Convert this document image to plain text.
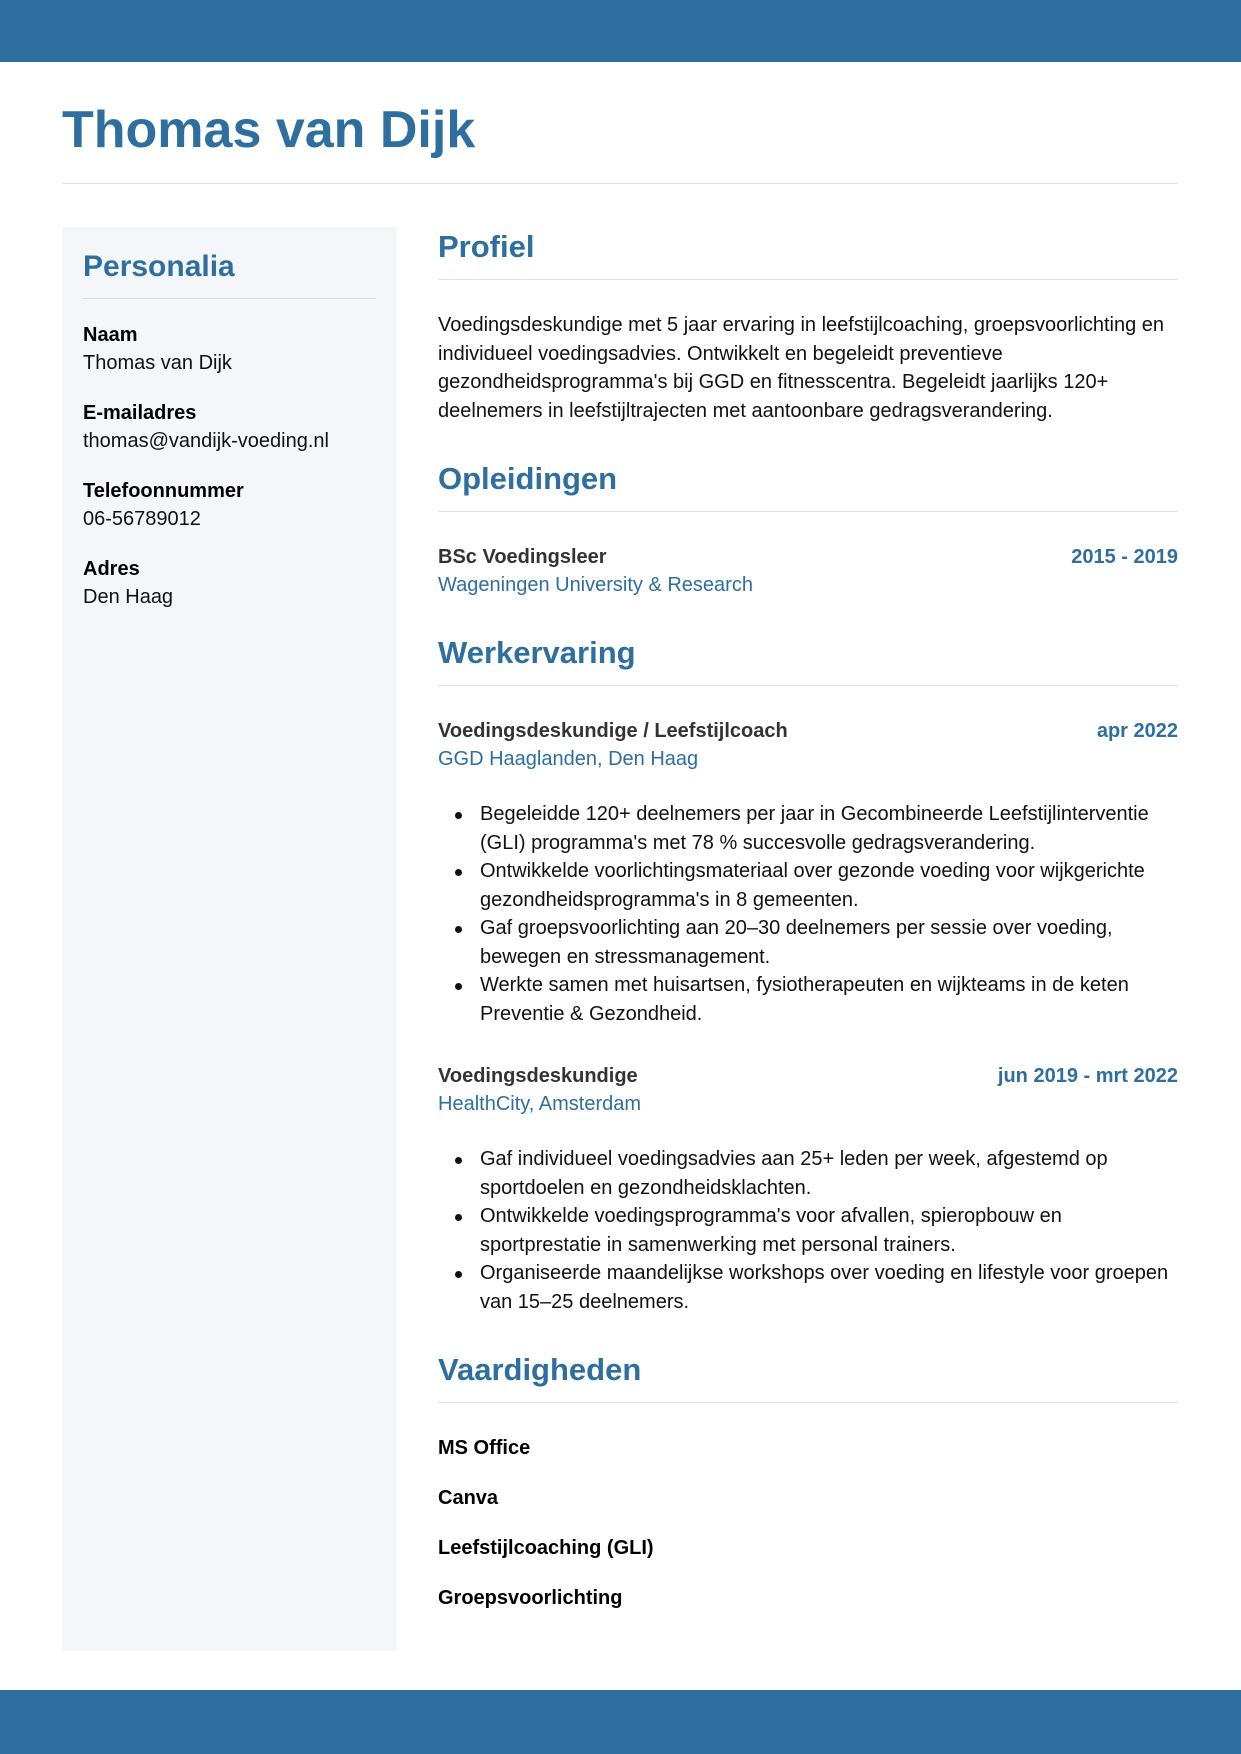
Thomas van Dijk
Personalia
Naam
Thomas van Dijk
E-mailadres
thomas@vandijk-voeding.nl
Telefoonnummer
06-56789012
Adres
Den Haag
Profiel

Voedingsdeskundige met 5 jaar ervaring in leefstijlcoaching, groepsvoorlichting en individueel voedingsadvies. Ontwikkelt en begeleidt preventieve gezondheidsprogramma's bij GGD en fitnesscentra. Begeleidt jaarlijks 120+ deelnemers in leefstijltrajecten met aantoonbare gedragsverandering.

Opleidingen
BSc Voedingsleer	2015 - 2019
Wageningen University & Research
Werkervaring
Voedingsdeskundige / Leefstijlcoach	apr 2022
GGD Haaglanden, Den Haag
Begeleidde 120+ deelnemers per jaar in Gecombineerde Leefstijlinterventie (GLI) programma's met 78 % succesvolle gedragsverandering.
Ontwikkelde voorlichtingsmateriaal over gezonde voeding voor wijkgerichte gezondheidsprogramma's in 8 gemeenten.
Gaf groepsvoorlichting aan 20–30 deelnemers per sessie over voeding, bewegen en stressmanagement.
Werkte samen met huisartsen, fysiotherapeuten en wijkteams in de keten Preventie & Gezondheid.
Voedingsdeskundige	jun 2019 - mrt 2022
HealthCity, Amsterdam
Gaf individueel voedingsadvies aan 25+ leden per week, afgestemd op sportdoelen en gezondheidsklachten.
Ontwikkelde voedingsprogramma's voor afvallen, spieropbouw en sportprestatie in samenwerking met personal trainers.
Organiseerde maandelijkse workshops over voeding en lifestyle voor groepen van 15–25 deelnemers.
Vaardigheden
MS Office
Canva
Leefstijlcoaching (GLI)
Groepsvoorlichting
